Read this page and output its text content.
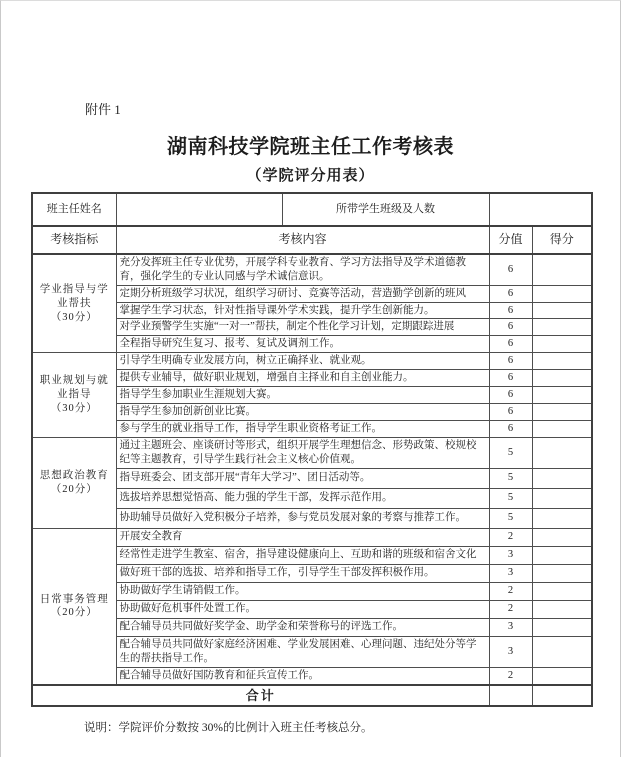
附件 1
湖南科技学院班主任工作考核表
（学院评分用表）
班主任姓名		所带学生班级及人数		
考核指标	考核内容		分值	得分

学业指导与学业帮扶
（30分）	充分发挥班主任专业优势，开展学科专业教育、学习方法指导及学术道德教育，强化学生的专业认同感与学术诚信意识。		6	
	定期分析班级学习状况，组织学习研讨、竞赛等活动，营造勤学创新的班风		6	
	掌握学生学习状态，针对性指导课外学术实践，提升学生创新能力。		6	
	对学业预警学生实施“一对一”帮扶，制定个性化学习计划，定期跟踪进展		6	
	全程指导研究生复习、报考、复试及调剂工作。		6	

职业规划与就业指导
（30分）	引导学生明确专业发展方向，树立正确择业、就业观。		6	
	提供专业辅导，做好职业规划，增强自主择业和自主创业能力。		6	
	指导学生参加职业生涯规划大赛。		6	
	指导学生参加创新创业比赛。		6	
	参与学生的就业指导工作，指导学生职业资格考证工作。		6	

思想政治教育
（20分）	通过主题班会、座谈研讨等形式，组织开展学生理想信念、形势政策、校规校纪等主题教育，引导学生践行社会主义核心价值观。		5	
	指导班委会、团支部开展“青年大学习”、团日活动等。		5	
	选拔培养思想觉悟高、能力强的学生干部，发挥示范作用。		5	
	协助辅导员做好入党积极分子培养，参与党员发展对象的考察与推荐工作。		5	

日常事务管理
（20分）	开展安全教育		2	
	经常性走进学生教室、宿舍，指导建设健康向上、互助和谐的班级和宿舍文化		3	
	做好班干部的选拔、培养和指导工作，引导学生干部发挥积极作用。		3	
	协助做好学生请销假工作。		2	
	协助做好危机事件处置工作。		2	
	配合辅导员共同做好奖学金、助学金和荣誉称号的评选工作。		3	
	配合辅导员共同做好家庭经济困难、学业发展困难、心理问题、违纪处分等学生的帮扶指导工作。		3	
	配合辅导员做好国防教育和征兵宣传工作。		2	
合计				
说明：学院评价分数按 30%的比例计入班主任考核总分。
